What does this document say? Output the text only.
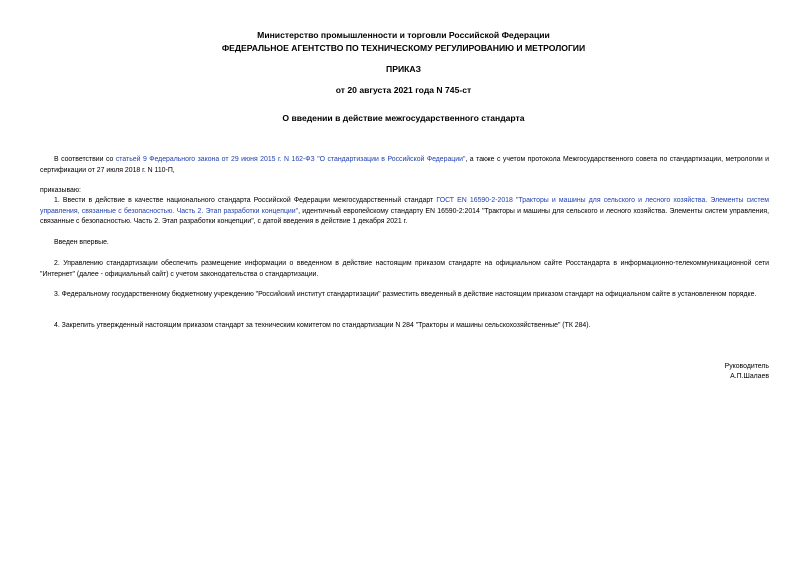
Министерство промышленности и торговли Российской Федерации
ФЕДЕРАЛЬНОЕ АГЕНТСТВО ПО ТЕХНИЧЕСКОМУ РЕГУЛИРОВАНИЮ И МЕТРОЛОГИИ
ПРИКАЗ
от 20 августа 2021 года N 745-ст
О введении в действие межгосударственного стандарта
В соответствии со статьей 9 Федерального закона от 29 июня 2015 г. N 162-ФЗ "О стандартизации в Российской Федерации", а также с учетом протокола Межгосударственного совета по стандартизации, метрологии и сертификации от 27 июля 2018 г. N 110-П,
приказываю:
1. Ввести в действие в качестве национального стандарта Российской Федерации межгосударственный стандарт ГОСТ EN 16590-2-2018 "Тракторы и машины для сельского и лесного хозяйства. Элементы систем управления, связанные с безопасностью. Часть 2. Этап разработки концепции", идентичный европейскому стандарту EN 16590-2:2014 "Тракторы и машины для сельского и лесного хозяйства. Элементы систем управления, связанные с безопасностью. Часть 2. Этап разработки концепции", с датой введения в действие 1 декабря 2021 г.
Введен впервые.
2. Управлению стандартизации обеспечить размещение информации о введенном в действие настоящим приказом стандарте на официальном сайте Росстандарта в информационно-телекоммуникационной сети "Интернет" (далее - официальный сайт) с учетом законодательства о стандартизации.
3. Федеральному государственному бюджетному учреждению "Российский институт стандартизации" разместить введенный в действие настоящим приказом стандарт на официальном сайте в установленном порядке.
4. Закрепить утвержденный настоящим приказом стандарт за техническим комитетом по стандартизации N 284 "Тракторы и машины сельскохозяйственные" (ТК 284).
Руководитель
А.П.Шалаев
